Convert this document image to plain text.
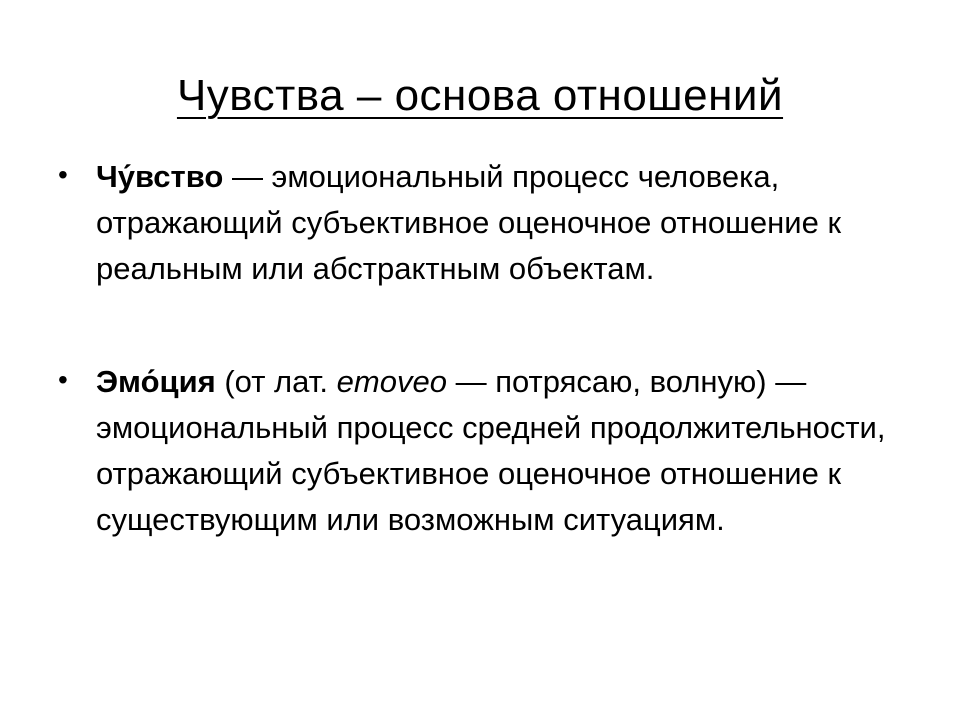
Чувства – основа отношений
• Чу́вство — эмоциональный процесс человека, отражающий субъективное оценочное отношение к реальным или абстрактным объектам.
• Эмо́ция (от лат. emoveo — потрясаю, волную) — эмоциональный процесс средней продолжительности, отражающий субъективное оценочное отношение к существующим или возможным ситуациям.
